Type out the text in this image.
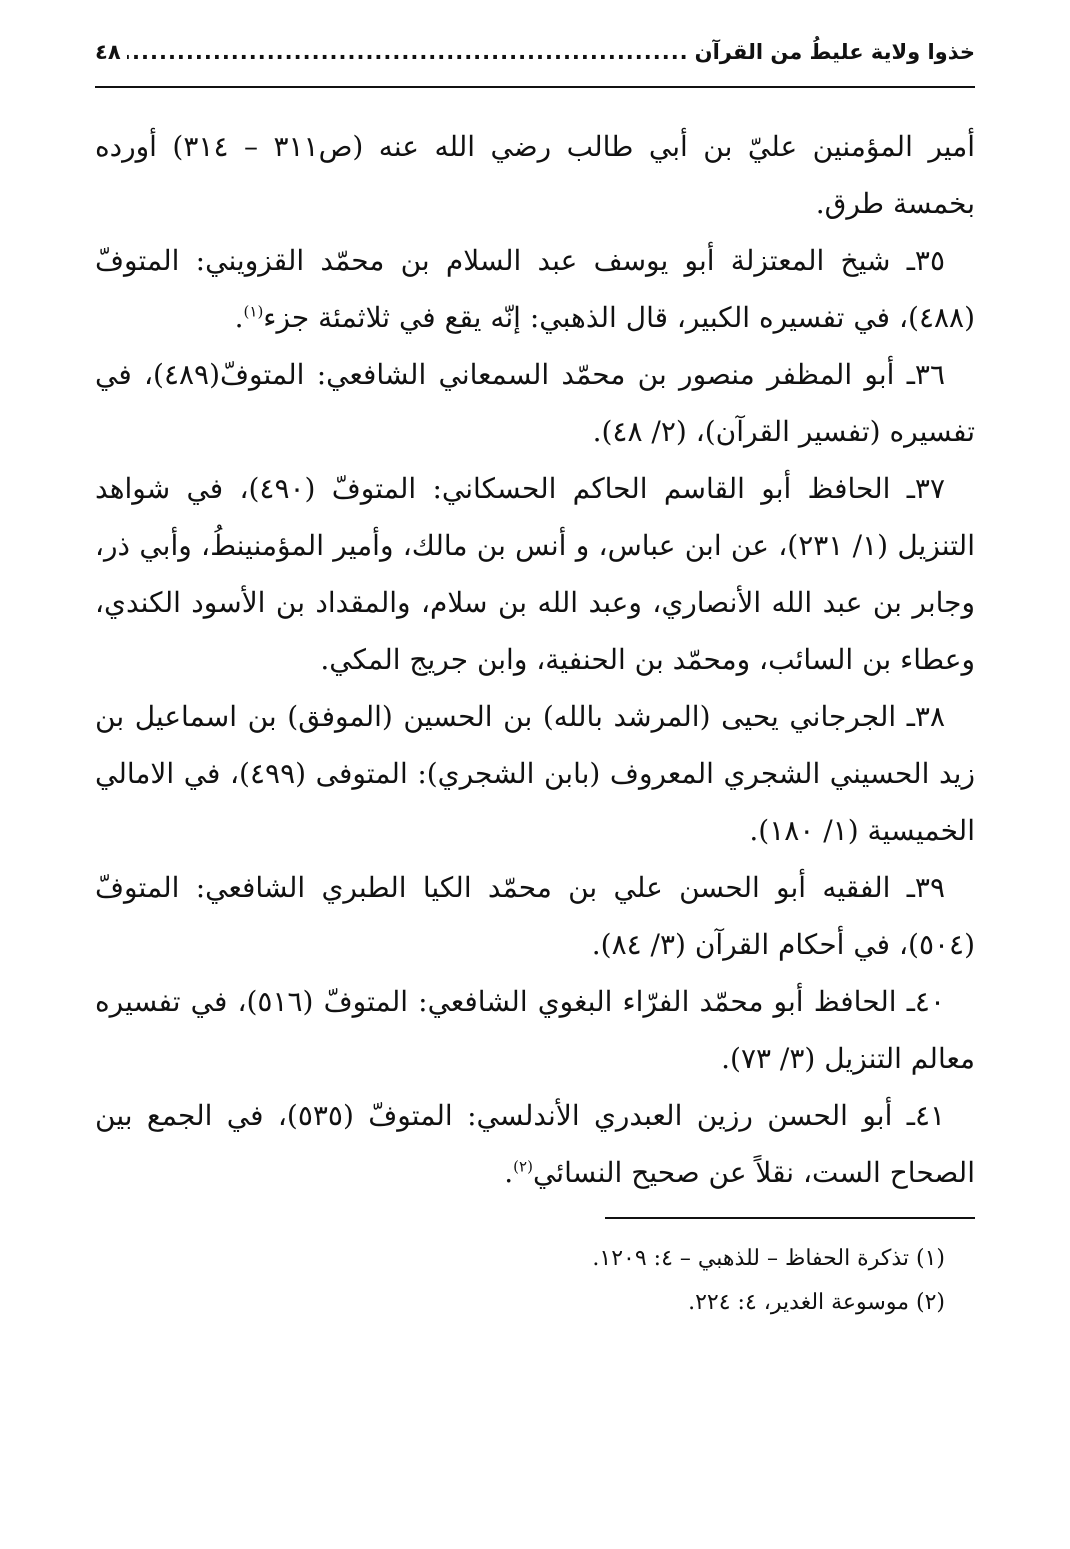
خذوا ولاية عليطُ من القرآن
.....
٤٨

أمير المؤمنين عليّ بن أبي طالب رضي الله عنه (ص٣١١ – ٣١٤) أورده بخمسة طرق.

٣٥ـ شيخ المعتزلة أبو يوسف عبد السلام بن محمّد القزويني: المتوفّ (٤٨٨)، في تفسيره الكبير، قال الذهبي: إنّه يقع في ثلاثمئة جزء$^{(١)}$.

٣٦ـ أبو المظفر منصور بن محمّد السمعاني الشافعي: المتوفّ(٤٨٩)، في تفسيره (تفسير القرآن)، (٢/ ٤٨).

٣٧ـ الحافظ أبو القاسم الحاكم الحسكاني: المتوفّ (٤٩٠)، في شواهد التنزيل (١/ ٢٣١)، عن ابن عباس، و أنس بن مالك، وأمير المؤمنينطُ، وأبي ذر، وجابر بن عبد الله الأنصاري، وعبد الله بن سلام، والمقداد بن الأسود الكندي، وعطاء بن السائب، ومحمّد بن الحنفية، وابن جريج المكي.

٣٨ـ الجرجاني يحيى (المرشد بالله) بن الحسين (الموفق) بن اسماعيل بن زيد الحسيني الشجري المعروف (بابن الشجري): المتوفى (٤٩٩)، في الامالي الخميسية (١/ ١٨٠).

٣٩ـ الفقيه أبو الحسن علي بن محمّد الكيا الطبري الشافعي: المتوفّ (٥٠٤)، في أحكام القرآن (٣/ ٨٤).

٤٠ـ الحافظ أبو محمّد الفرّاء البغوي الشافعي: المتوفّ (٥١٦)، في تفسيره معالم التنزيل (٣/ ٧٣).

٤١ـ أبو الحسن رزين العبدري الأندلسي: المتوفّ (٥٣٥)، في الجمع بين الصحاح الست، نقلاً عن صحيح النسائي$^{(٢)}$.

(١) تذكرة الحفاظ – للذهبي – ٤: ١٢٠٩.

(٢) موسوعة الغدير، ٤: ٢٢٤.
